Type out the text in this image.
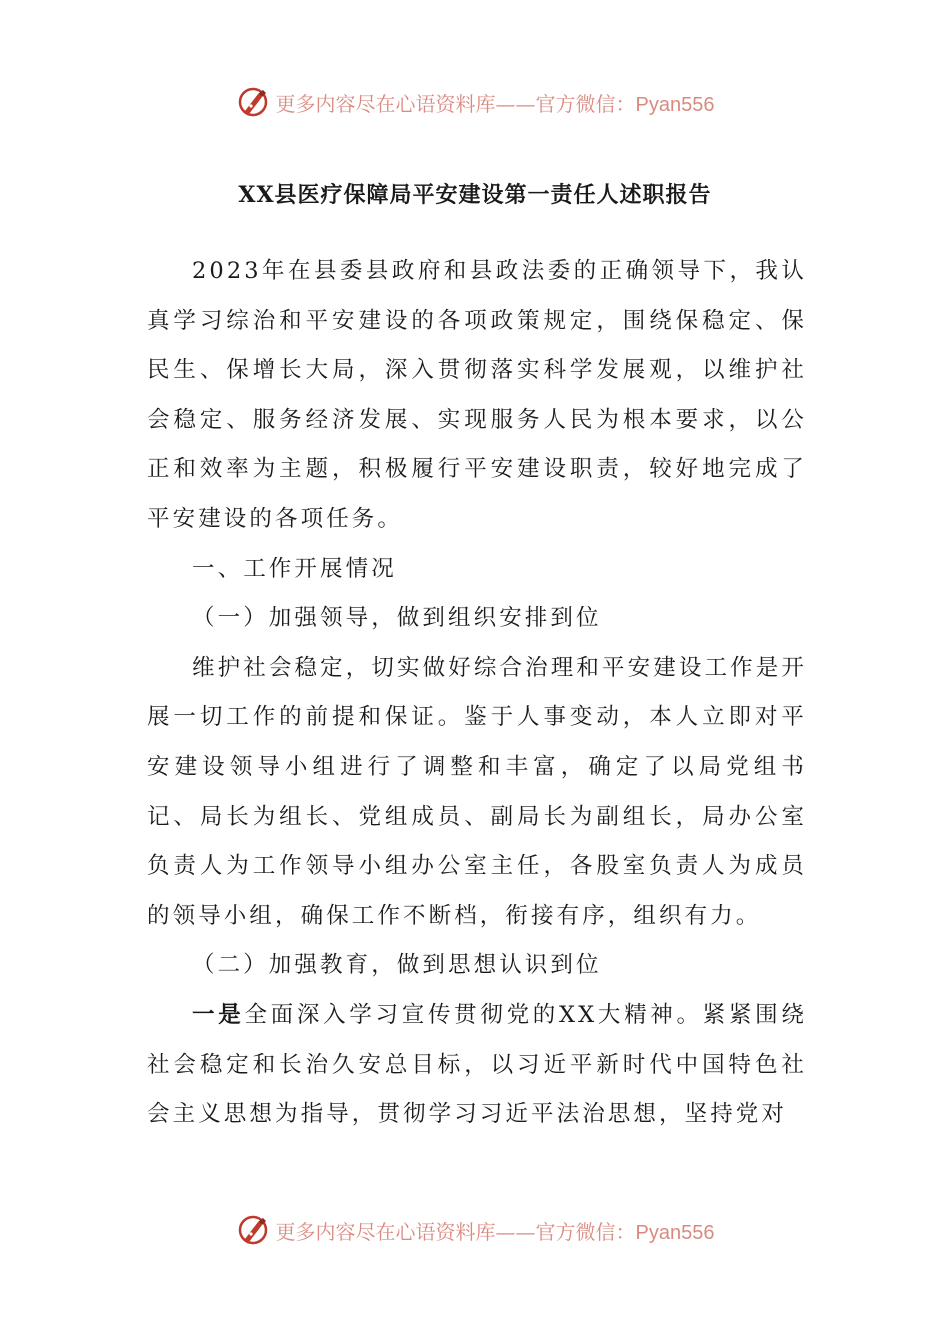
更多内容尽在心语资料库——官方微信：Pyan556
XX县医疗保障局平安建设第一责任人述职报告

2023年在县委县政府和县政法委的正确领导下，我认真学习综治和平安建设的各项政策规定，围绕保稳定、保民生、保增长大局，深入贯彻落实科学发展观，以维护社会稳定、服务经济发展、实现服务人民为根本要求，以公正和效率为主题，积极履行平安建设职责，较好地完成了平安建设的各项任务。

一、工作开展情况

（一）加强领导，做到组织安排到位

维护社会稳定，切实做好综合治理和平安建设工作是开展一切工作的前提和保证。鉴于人事变动，本人立即对平安建设领导小组进行了调整和丰富，确定了以局党组书记、局长为组长、党组成员、副局长为副组长，局办公室负责人为工作领导小组办公室主任，各股室负责人为成员的领导小组，确保工作不断档，衔接有序，组织有力。

（二）加强教育，做到思想认识到位

一是全面深入学习宣传贯彻党的XX大精神。紧紧围绕社会稳定和长治久安总目标，以习近平新时代中国特色社会主义思想为指导，贯彻学习习近平法治思想，坚持党对

更多内容尽在心语资料库——官方微信：Pyan556
